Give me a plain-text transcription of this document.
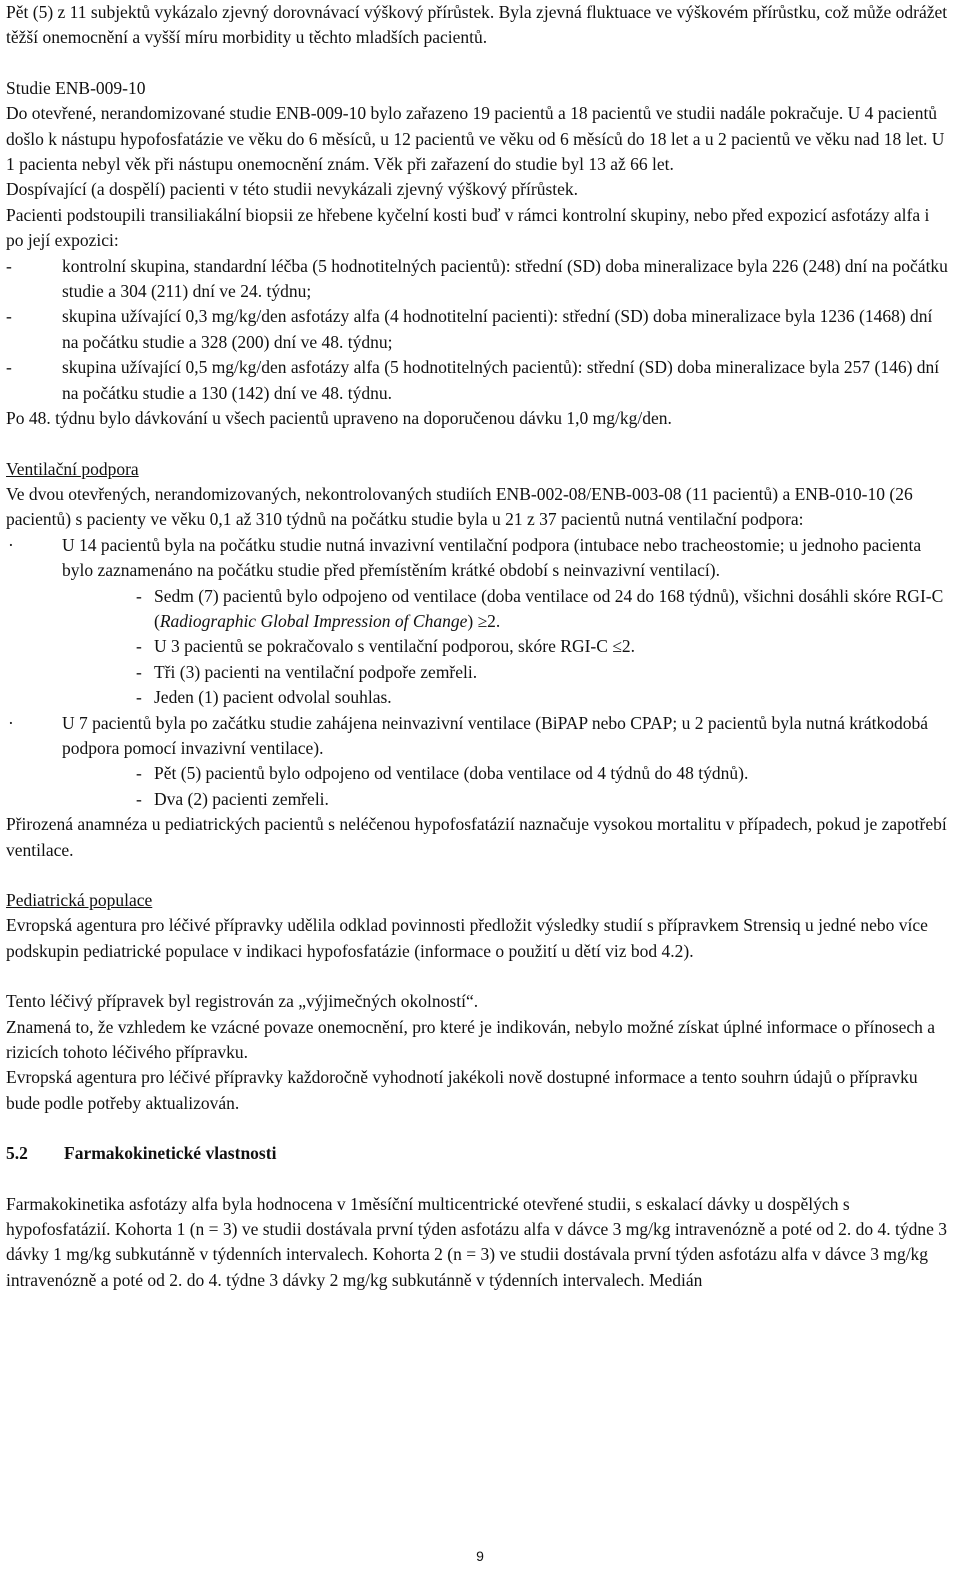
Pět (5) z 11 subjektů vykázalo zjevný dorovnávací výškový přírůstek. Byla zjevná fluktuace ve výškovém přírůstku, což může odrážet těžší onemocnění a vyšší míru morbidity u těchto mladších pacientů.

Studie ENB-009-10

Do otevřené, nerandomizované studie ENB-009-10 bylo zařazeno 19 pacientů a 18 pacientů ve studii nadále pokračuje. U 4 pacientů došlo k nástupu hypofosfatázie ve věku do 6 měsíců, u 12 pacientů ve věku od 6 měsíců do 18 let a u 2 pacientů ve věku nad 18 let. U 1 pacienta nebyl věk při nástupu onemocnění znám. Věk při zařazení do studie byl 13 až 66 let.

Dospívající (a dospělí) pacienti v této studii nevykázali zjevný výškový přírůstek.

Pacienti podstoupili transiliakální biopsii ze hřebene kyčelní kosti buď v rámci kontrolní skupiny, nebo před expozicí asfotázy alfa i po její expozici:

-	kontrolní skupina, standardní léčba (5 hodnotitelných pacientů): střední (SD) doba mineralizace byla 226 (248) dní na počátku studie a 304 (211) dní ve 24. týdnu;
-	skupina užívající 0,3 mg/kg/den asfotázy alfa (4 hodnotitelní pacienti): střední (SD) doba mineralizace byla 1236 (1468) dní na počátku studie a 328 (200) dní ve 48. týdnu;
-	skupina užívající 0,5 mg/kg/den asfotázy alfa (5 hodnotitelných pacientů): střední (SD) doba mineralizace byla 257 (146) dní na počátku studie a 130 (142) dní ve 48. týdnu.

Po 48. týdnu bylo dávkování u všech pacientů upraveno na doporučenou dávku 1,0 mg/kg/den.

Ventilační podpora

Ve dvou otevřených, nerandomizovaných, nekontrolovaných studiích ENB-002-08/ENB-003-08 (11 pacientů) a ENB-010-10 (26 pacientů) s pacienty ve věku 0,1 až 310 týdnů na počátku studie byla u 21 z 37 pacientů nutná ventilační podpora:

·	U 14 pacientů byla na počátku studie nutná invazivní ventilační podpora (intubace nebo tracheostomie; u jednoho pacienta bylo zaznamenáno na počátku studie před přemístěním krátké období s neinvazivní ventilací).
- Sedm (7) pacientů bylo odpojeno od ventilace (doba ventilace od 24 do 168 týdnů), všichni dosáhli skóre RGI-C (Radiographic Global Impression of Change) ≥2.
- U 3 pacientů se pokračovalo s ventilační podporou, skóre RGI-C ≤2.
- Tři (3) pacienti na ventilační podpoře zemřeli.
- Jeden (1) pacient odvolal souhlas.
·	U 7 pacientů byla po začátku studie zahájena neinvazivní ventilace (BiPAP nebo CPAP; u 2 pacientů byla nutná krátkodobá podpora pomocí invazivní ventilace).
- Pět (5) pacientů bylo odpojeno od ventilace (doba ventilace od 4 týdnů do 48 týdnů).
- Dva (2) pacienti zemřeli.

Přirozená anamnéza u pediatrických pacientů s neléčenou hypofosfatázií naznačuje vysokou mortalitu v případech, pokud je zapotřebí ventilace.

Pediatrická populace

Evropská agentura pro léčivé přípravky udělila odklad povinnosti předložit výsledky studií s přípravkem Strensiq u jedné nebo více podskupin pediatrické populace v indikaci hypofosfatázie (informace o použití u dětí viz bod 4.2).

Tento léčivý přípravek byl registrován za „výjimečných okolností“.

Znamená to, že vzhledem ke vzácné povaze onemocnění, pro které je indikován, nebylo možné získat úplné informace o přínosech a rizicích tohoto léčivého přípravku.

Evropská agentura pro léčivé přípravky každoročně vyhodnotí jakékoli nově dostupné informace a tento souhrn údajů o přípravku bude podle potřeby aktualizován.

5.2	Farmakokinetické vlastnosti

Farmakokinetika asfotázy alfa byla hodnocena v 1měsíční multicentrické otevřené studii, s eskalací dávky u dospělých s hypofosfatázií. Kohorta 1 (n = 3) ve studii dostávala první týden asfotázu alfa v dávce 3 mg/kg intravenózně a poté od 2. do 4. týdne 3 dávky 1 mg/kg subkutánně v týdenních intervalech. Kohorta 2 (n = 3) ve studii dostávala první týden asfotázu alfa v dávce 3 mg/kg intravenózně a poté od 2. do 4. týdne 3 dávky 2 mg/kg subkutánně v týdenních intervalech. Medián

9
